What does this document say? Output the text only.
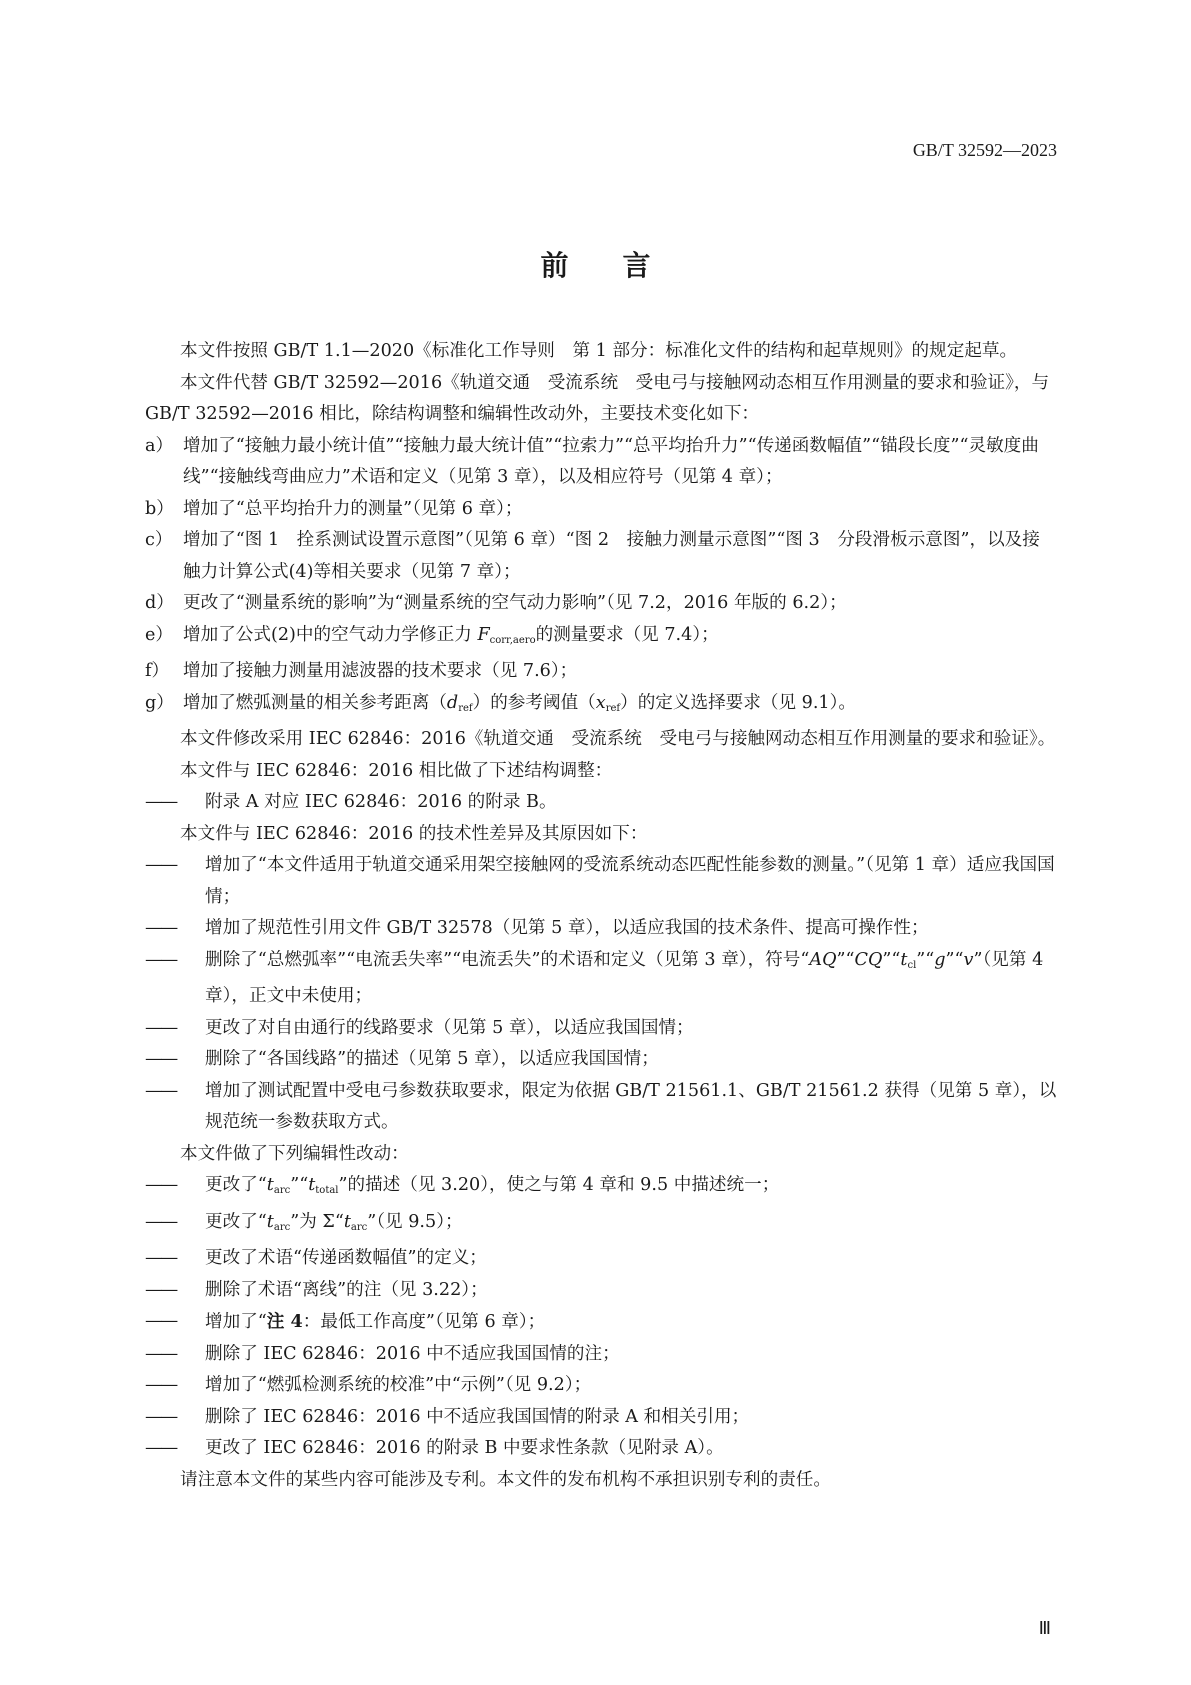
GB/T 32592—2023
前言

本文件按照 GB/T 1.1—2020《标准化工作导则　第 1 部分：标准化文件的结构和起草规则》的规定起草。

本文件代替 GB/T 32592—2016《轨道交通　受流系统　受电弓与接触网动态相互作用测量的要求和验证》，与 GB/T 32592—2016 相比，除结构调整和编辑性改动外，主要技术变化如下：

a） 增加了“接触力最小统计值”“接触力最大统计值”“拉索力”“总平均抬升力”“传递函数幅值”“锚段长度”“灵敏度曲线”“接触线弯曲应力”术语和定义（见第 3 章），以及相应符号（见第 4 章）；

b） 增加了“总平均抬升力的测量”（见第 6 章）；

c） 增加了“图 1　拴系测试设置示意图”（见第 6 章）“图 2　接触力测量示意图”“图 3　分段滑板示意图”，以及接触力计算公式(4)等相关要求（见第 7 章）；

d） 更改了“测量系统的影响”为“测量系统的空气动力影响”（见 7.2，2016 年版的 6.2）；

e） 增加了公式(2)中的空气动力学修正力 $F_{corr,aero}$的测量要求（见 7.4）；

f） 增加了接触力测量用滤波器的技术要求（见 7.6）；

g） 增加了燃弧测量的相关参考距离$(d_{ref})$的参考阈值$(x_{ref})$的定义选择要求（见 9.1）。

本文件修改采用 IEC 62846：2016《轨道交通　受流系统　受电弓与接触网动态相互作用测量的要求和验证》。

本文件与 IEC 62846：2016 相比做了下述结构调整：

——	附录 A 对应 IEC 62846：2016 的附录 B。

本文件与 IEC 62846：2016 的技术性差异及其原因如下：

——	增加了“本文件适用于轨道交通采用架空接触网的受流系统动态匹配性能参数的测量。”（见第 1 章）适应我国国情；

——	增加了规范性引用文件 GB/T 32578（见第 5 章），以适应我国的技术条件、提高可操作性；

——	删除了“总燃弧率”“电流丢失率”“电流丢失”的术语和定义（见第 3 章），符号“$AQ”“CQ”“t_{cl}”“g”“v$”（见第 4 章），正文中未使用；

——	更改了对自由通行的线路要求（见第 5 章），以适应我国国情；

——	删除了“各国线路”的描述（见第 5 章），以适应我国国情；

——	增加了测试配置中受电弓参数获取要求，限定为依据 GB/T 21561.1、GB/T 21561.2 获得（见第 5 章），以规范统一参数获取方式。

本文件做了下列编辑性改动：

——	更改了“$t_{arc}”“t_{total}$”的描述（见 3.20），使之与第 4 章和 9.5 中描述统一；

——	更改了“$t_{arc}$”为 $\Sigma“t_{arc}$”（见 9.5）；

——	更改了术语“传递函数幅值”的定义；

——	删除了术语“离线”的注（见 3.22）；

——	增加了“注 4：最低工作高度”（见第 6 章）；

——	删除了 IEC 62846：2016 中不适应我国国情的注；

——	增加了“燃弧检测系统的校准”中“示例”（见 9.2）；

——	删除了 IEC 62846：2016 中不适应我国国情的附录 A 和相关引用；

——	更改了 IEC 62846：2016 的附录 B 中要求性条款（见附录 A）。

请注意本文件的某些内容可能涉及专利。本文件的发布机构不承担识别专利的责任。

Ⅲ
